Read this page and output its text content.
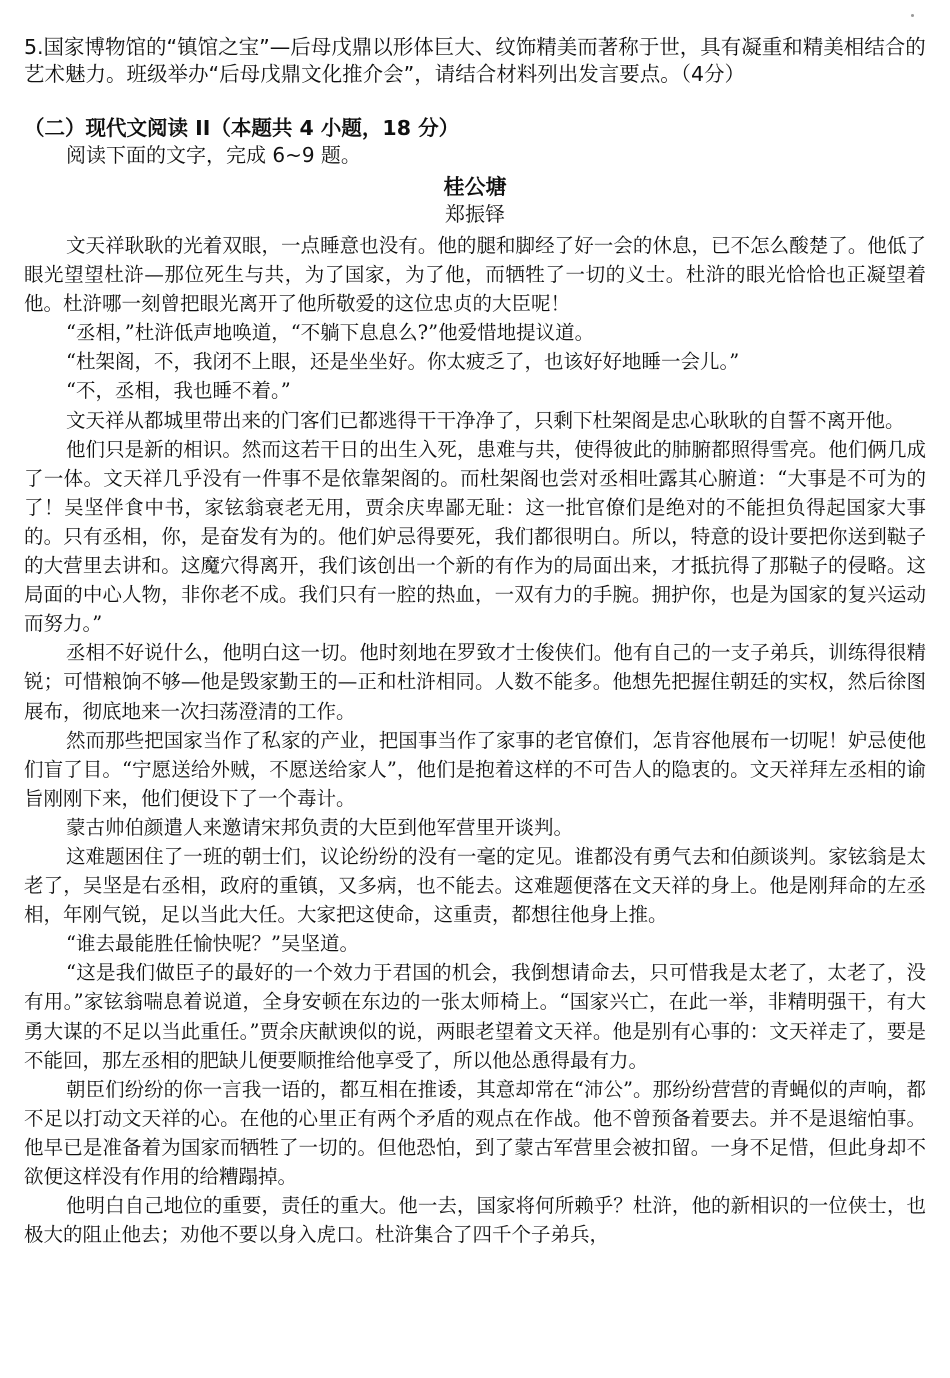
5.国家博物馆的“镇馆之宝”—后母戊鼎以形体巨大、纹饰精美而著称于世，具有凝重和精美相结合的艺术魅力。班级举办“后母戊鼎文化推介会”，请结合材料列出发言要点。（4分）

（二）现代文阅读 II（本题共 4 小题，18 分）

阅读下面的文字，完成 6~9 题。

桂公塘

郑振铎

文天祥耿耿的光着双眼，一点睡意也没有。他的腿和脚经了好一会的休息，已不怎么酸楚了。他低了眼光望望杜浒—那位死生与共，为了国家，为了他，而牺牲了一切的义士。杜浒的眼光恰恰也正凝望着他。杜浒哪一刻曾把眼光离开了他所敬爱的这位忠贞的大臣呢！

“丞相，”杜浒低声地唤道，“不躺下息息么?”他爱惜地提议道。

“杜架阁，不，我闭不上眼，还是坐坐好。你太疲乏了，也该好好地睡一会儿。”

“不，丞相，我也睡不着。”

文天祥从都城里带出来的门客们已都逃得干干净净了，只剩下杜架阁是忠心耿耿的自誓不离开他。

他们只是新的相识。然而这若干日的出生入死，患难与共，使得彼此的肺腑都照得雪亮。他们俩几成了一体。文天祥几乎没有一件事不是依靠架阁的。而杜架阁也尝对丞相吐露其心腑道：“大事是不可为的了！吴坚伴食中书，家铉翁衰老无用，贾余庆卑鄙无耻：这一批官僚们是绝对的不能担负得起国家大事的。只有丞相，你，是奋发有为的。他们妒忌得要死，我们都很明白。所以，特意的设计要把你送到鞑子的大营里去讲和。这魔穴得离开，我们该创出一个新的有作为的局面出来，才抵抗得了那鞑子的侵略。这局面的中心人物，非你老不成。我们只有一腔的热血，一双有力的手腕。拥护你，也是为国家的复兴运动而努力。”

丞相不好说什么，他明白这一切。他时刻地在罗致才士俊侠们。他有自己的一支子弟兵，训练得很精锐；可惜粮饷不够—他是毁家勤王的—正和杜浒相同。人数不能多。他想先把握住朝廷的实权，然后徐图展布，彻底地来一次扫荡澄清的工作。

然而那些把国家当作了私家的产业，把国事当作了家事的老官僚们，怎肯容他展布一切呢！妒忌使他们盲了目。“宁愿送给外贼，不愿送给家人”，他们是抱着这样的不可告人的隐衷的。文天祥拜左丞相的谕旨刚刚下来，他们便设下了一个毒计。

蒙古帅伯颜遣人来邀请宋邦负责的大臣到他军营里开谈判。

这难题困住了一班的朝士们，议论纷纷的没有一毫的定见。谁都没有勇气去和伯颜谈判。家铉翁是太老了，吴坚是右丞相，政府的重镇，又多病，也不能去。这难题便落在文天祥的身上。他是刚拜命的左丞相，年刚气锐，足以当此大任。大家把这使命，这重责，都想往他身上推。

“谁去最能胜任愉快呢？”吴坚道。

“这是我们做臣子的最好的一个效力于君国的机会，我倒想请命去，只可惜我是太老了，太老了，没有用。”家铉翁喘息着说道，全身安顿在东边的一张太师椅上。“国家兴亡，在此一举，非精明强干，有大勇大谋的不足以当此重任。”贾余庆献谀似的说，两眼老望着文天祥。他是别有心事的：文天祥走了，要是不能回，那左丞相的肥缺儿便要顺推给他享受了，所以他怂恿得最有力。

朝臣们纷纷的你一言我一语的，都互相在推诿，其意却常在“沛公”。那纷纷营营的青蝇似的声响，都不足以打动文天祥的心。在他的心里正有两个矛盾的观点在作战。他不曾预备着要去。并不是退缩怕事。他早已是准备着为国家而牺牲了一切的。但他恐怕，到了蒙古军营里会被扣留。一身不足惜，但此身却不欲便这样没有作用的给糟蹋掉。

他明白自己地位的重要，责任的重大。他一去，国家将何所赖乎？杜浒，他的新相识的一位侠士，也极大的阻止他去；劝他不要以身入虎口。杜浒集合了四千个子弟兵，
